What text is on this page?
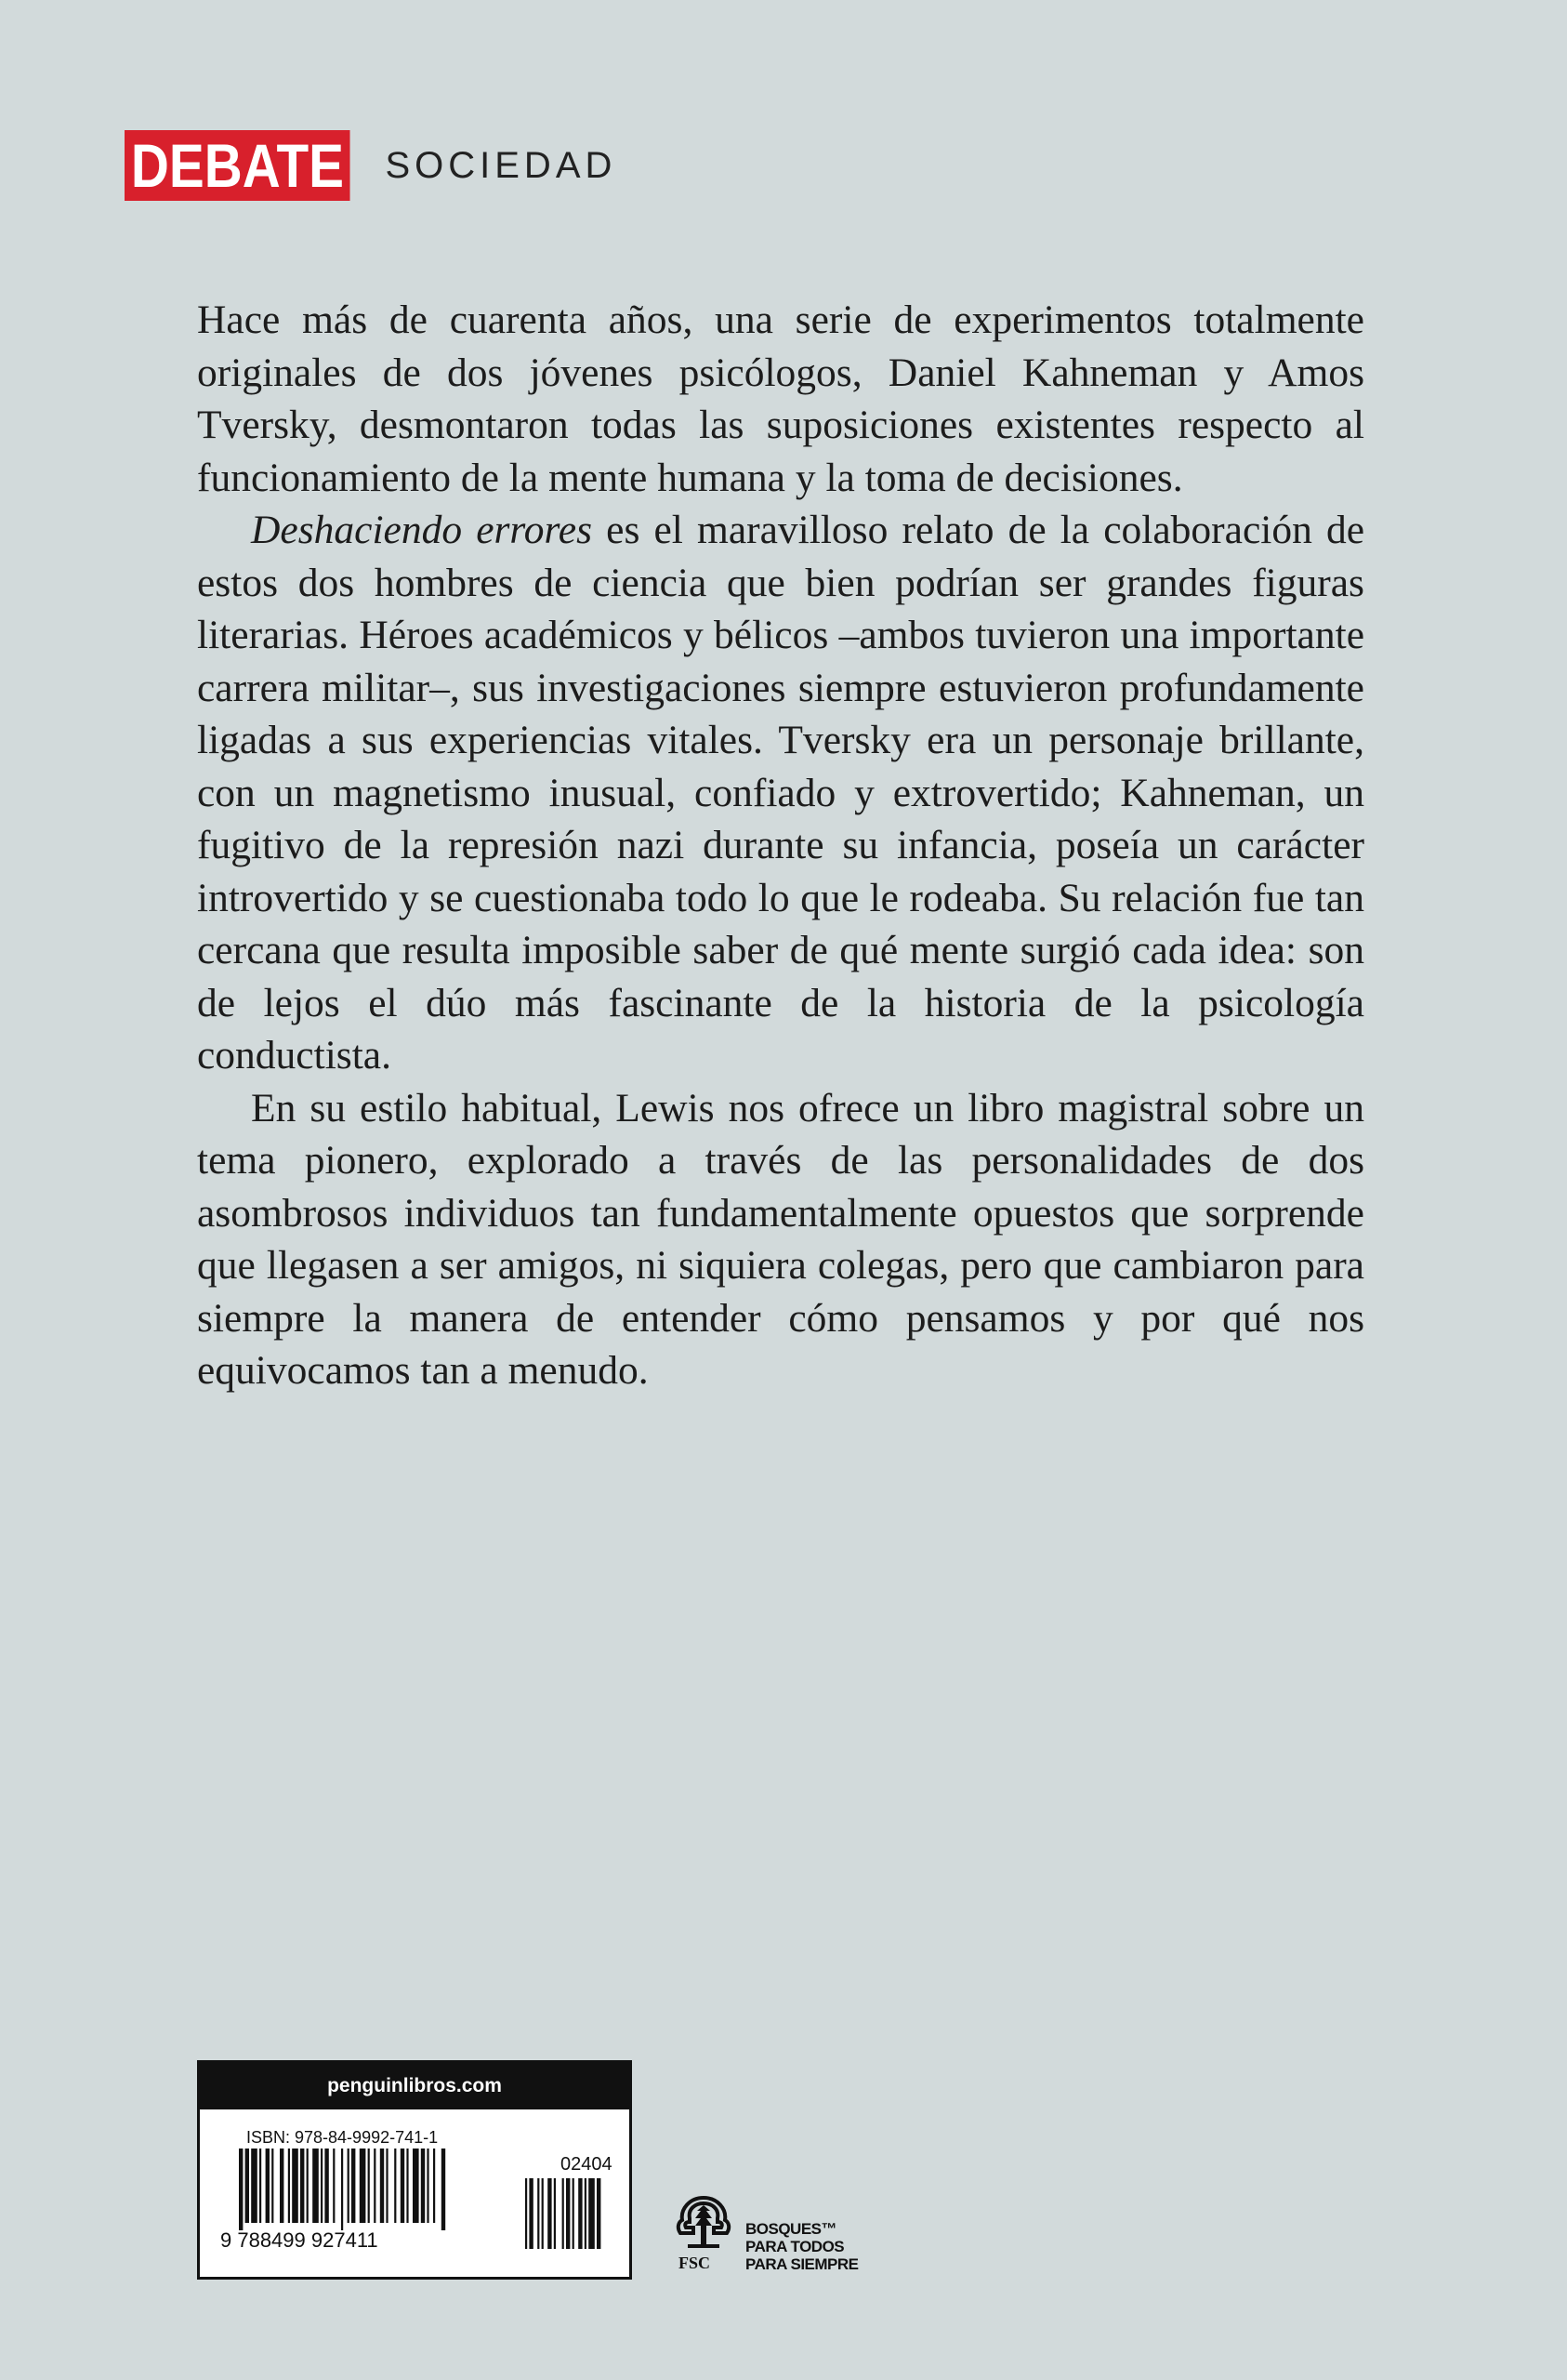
DEBATE SOCIEDAD

Hace más de cuarenta años, una serie de experimentos totalmente originales de dos jóvenes psicólogos, Daniel Kahneman y Amos Tversky, desmontaron todas las suposiciones existentes respecto al funcionamiento de la mente humana y la toma de decisiones.

Deshaciendo errores es el maravilloso relato de la colaboración de estos dos hombres de ciencia que bien podrían ser grandes figuras literarias. Héroes académicos y bélicos –ambos tuvieron una importante carrera militar–, sus investigaciones siempre estuvieron profundamente ligadas a sus experiencias vitales. Tversky era un personaje brillante, con un magnetismo inusual, confiado y extrovertido; Kahneman, un fugitivo de la represión nazi durante su infancia, poseía un carácter introvertido y se cuestionaba todo lo que le rodeaba. Su relación fue tan cercana que resulta imposible saber de qué mente surgió cada idea: son de lejos el dúo más fascinante de la historia de la psicología conductista.

En su estilo habitual, Lewis nos ofrece un libro magistral sobre un tema pionero, explorado a través de las personalidades de dos asombrosos individuos tan fundamentalmente opuestos que sorprende que llegasen a ser amigos, ni siquiera colegas, pero que cambiaron para siempre la manera de entender cómo pensamos y por qué nos equivocamos tan a menudo.

penguinlibros.com
ISBN: 978-84-9992-741-1
02404
9 788499 927411
FSC
BOSQUES™
PARA TODOS
PARA SIEMPRE
